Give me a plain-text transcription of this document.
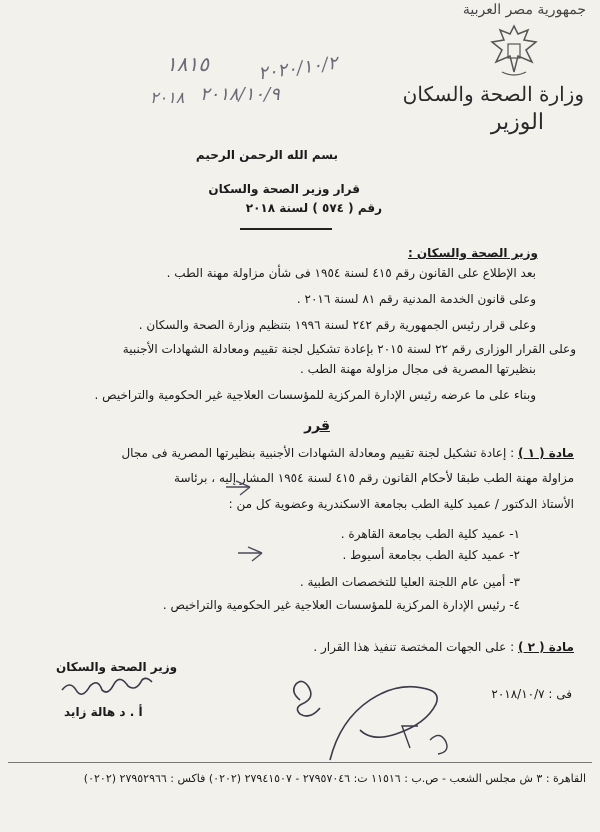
جمهورية مصر العربية
وزارة الصحة والسكان
الوزير
١٨١٥	٢٠٢٠/١٠/٢
٢٠١٨/١٠/٩
٢٠١٨
بسم الله الرحمن الرحيم
قرار وزير الصحة والسكان
رقم ( ٥٧٤ ) لسنة ٢٠١٨
وزير الصحة والسكان :
بعد الإطلاع على القانون رقم ٤١٥ لسنة ١٩٥٤ فى شأن مزاولة مهنة الطب .
وعلى قانون الخدمة المدنية رقم ٨١ لسنة ٢٠١٦ .
وعلى قرار رئيس الجمهورية رقم ٢٤٢ لسنة ١٩٩٦ بتنظيم وزارة الصحة والسكان .
وعلى القرار الوزارى رقم ٢٢ لسنة ٢٠١٥ بإعادة تشكيل لجنة تقييم ومعادلة الشهادات الأجنبية
بنظيرتها المصرية فى مجال مزاولة مهنة الطب .
وبناء على ما عرضه رئيس الإدارة المركزية للمؤسسات العلاجية غير الحكومية والتراخيص .
قرر
مادة ( ١ ) : إعادة تشكيل لجنة تقييم ومعادلة الشهادات الأجنبية بنظيرتها المصرية فى مجال
مزاولة مهنة الطب طبقا لأحكام القانون رقم ٤١٥ لسنة ١٩٥٤ المشار إليه ، برئاسة
الأستاذ الدكتور / عميد كلية الطب بجامعة الاسكندرية وعضوية كل من :
١- عميد كلية الطب بجامعة القاهرة .
٢- عميد كلية الطب بجامعة أسيوط .
٣- أمين عام اللجنة العليا للتخصصات الطبية .
٤- رئيس الإدارة المركزية للمؤسسات العلاجية غير الحكومية والتراخيص .
مادة ( ٢ ) : على الجهات المختصة تنفيذ هذا القرار .
وزير الصحة والسكان
أ . د هالة زايد
فى : ٢٠١٨/١٠/٧
القاهرة : ٣ ش مجلس الشعب - ص.ب : ١١٥١٦ ت: ٢٧٩٥٧٠٤٦ - ٢٧٩٤١٥٠٧ (٠٢٠٢) فاكس : ٢٧٩٥٢٩٦٦ (٠٢٠٢)
